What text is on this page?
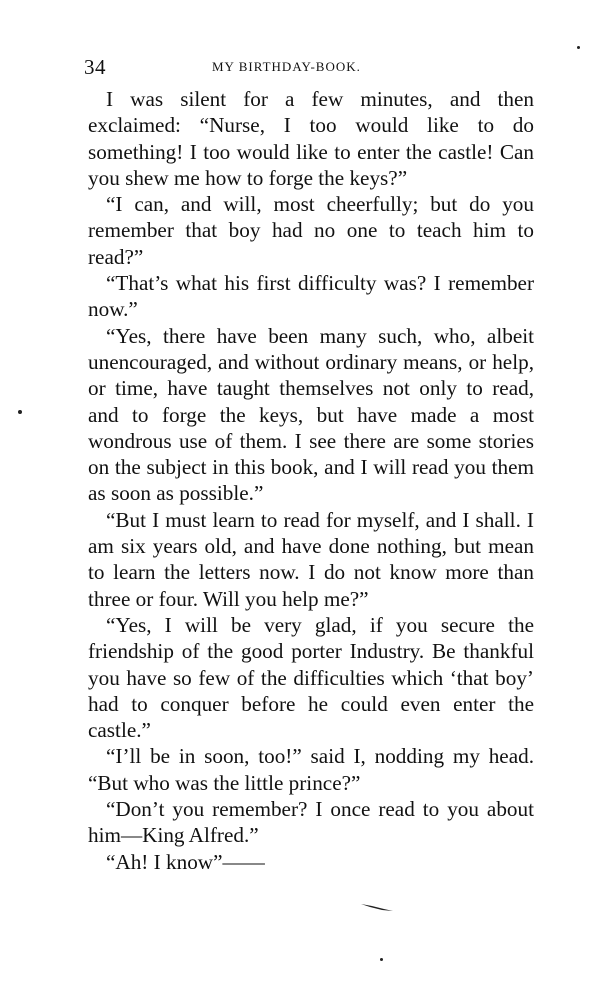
34	MY BIRTHDAY-BOOK.

I was silent for a few minutes, and then exclaimed: “Nurse, I too would like to do something! I too would like to enter the castle! Can you shew me how to forge the keys?”

“I can, and will, most cheerfully; but do you remember that boy had no one to teach him to read?”

“That’s what his first difficulty was? I remember now.”

“Yes, there have been many such, who, albeit unencouraged, and without ordinary means, or help, or time, have taught themselves not only to read, and to forge the keys, but have made a most wondrous use of them. I see there are some stories on the subject in this book, and I will read you them as soon as possible.”

“But I must learn to read for myself, and I shall. I am six years old, and have done nothing, but mean to learn the letters now. I do not know more than three or four. Will you help me?”

“Yes, I will be very glad, if you secure the friendship of the good porter Industry. Be thankful you have so few of the difficulties which ‘that boy’ had to conquer before he could even enter the castle.”

“I’ll be in soon, too!” said I, nodding my head. “But who was the little prince?”

“Don’t you remember? I once read to you about him—King Alfred.”

“Ah! I know”——
